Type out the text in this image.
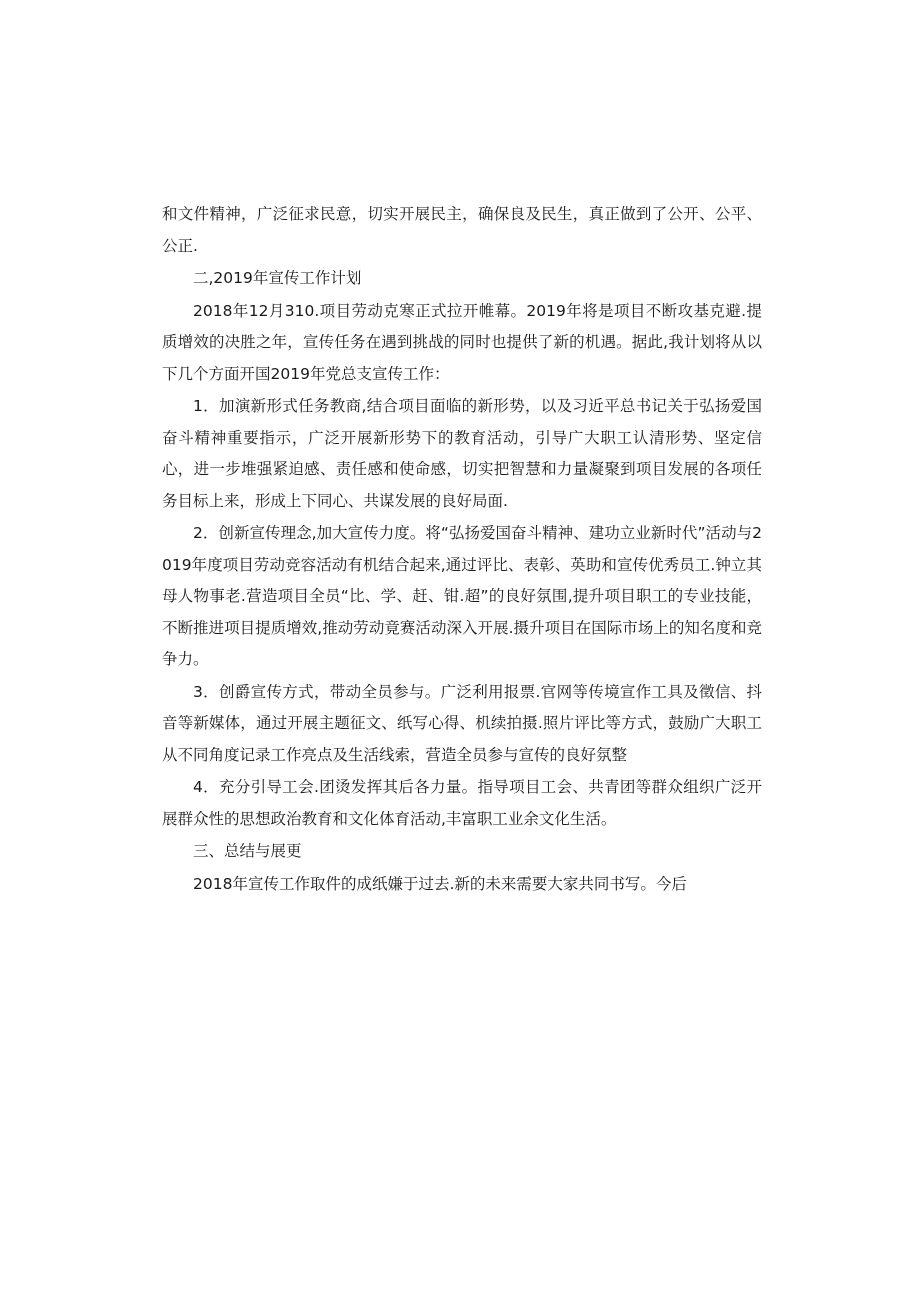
和文件精神，广泛征求民意，切实开展民主，确保良及民生，真正做到了公开、公平、公正.

二,2019年宣传工作计划

2018年12月310.项目劳动克寒正式拉开帷幕。2019年将是项目不断攻基克避.提质增效的决胜之年，宣传任务在遇到挑战的同时也提供了新的机遇。据此,我计划将从以下几个方面开国2019年党总支宣传工作：

1．加演新形式任务教商,结合项目面临的新形势，以及习近平总书记关于弘扬爱国奋斗精神重要指示，广泛开展新形势下的教育活动，引导广大职工认清形势、坚定信心，进一步堆强紧迫感、责任感和使命感，切实把智慧和力量凝聚到项目发展的各项任务目标上来，形成上下同心、共谋发展的良好局面.

2．创新宣传理念,加大宣传力度。将“弘扬爱国奋斗精神、建功立业新时代”活动与2019年度项目劳动竞容活动有机结合起来,通过评比、表彰、英助和宣传优秀员工.钟立其母人物事老.营造项目全员“比、学、赶、钳.超”的良好氛围,提升项目职工的专业技能，不断推进项目提质增效,推动劳动竟赛活动深入开展.摄升项目在国际市场上的知名度和竞争力。

3．创爵宣传方式，带动全员参与。广泛利用报票.官网等传境宣作工具及徵信、抖音等新媒体，通过开展主题征文、纸写心得、机续拍摄.照片评比等方式，鼓励广大职工从不同角度记录工作亮点及生活线索，营造全员参与宣传的良好氛整

4．充分引导工会.团烫发挥其后各力量。指导项目工会、共青团等群众组织广泛开展群众性的思想政治教育和文化体育活动,丰富职工业余文化生活。

三、总结与展更

2018年宣传工作取件的成纸嫌于过去.新的未来需要大家共同书写。今后
